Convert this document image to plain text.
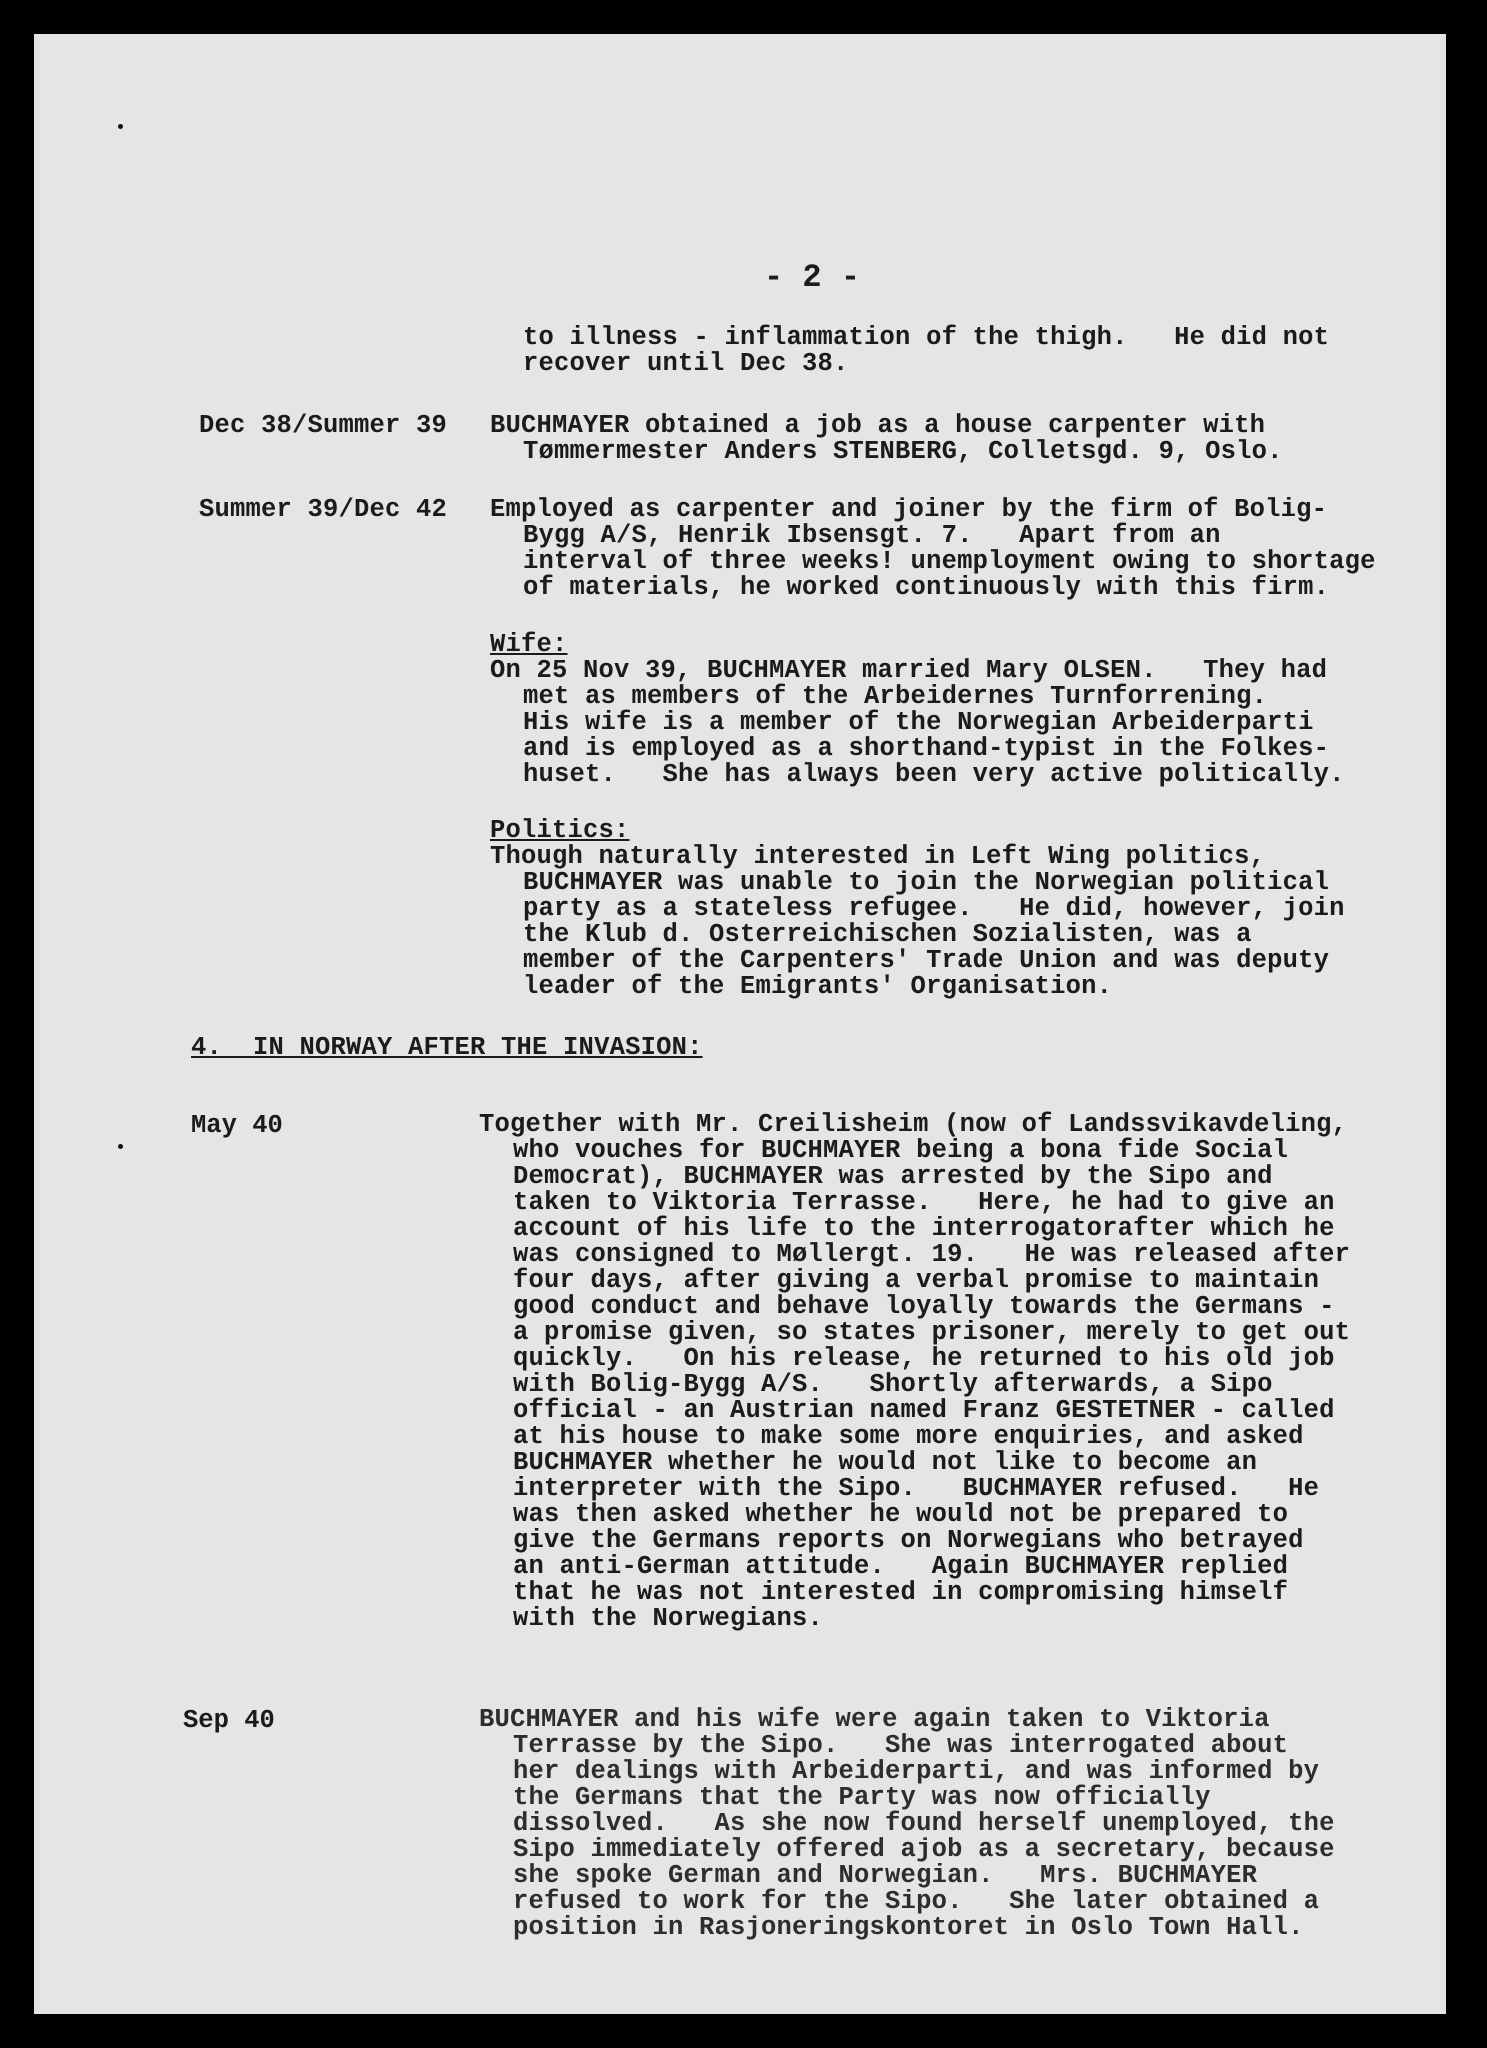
- 2 -
to illness - inflammation of the thigh.   He did not
recover until Dec 38.
Dec 38/Summer 39 BUCHMAYER obtained a job as a house carpenter with
Tømmermester Anders STENBERG, Colletsgd. 9, Oslo.
Summer 39/Dec 42 Employed as carpenter and joiner by the firm of Bolig-
Bygg A/S, Henrik Ibsensgt. 7.   Apart from an
interval of three weeks! unemployment owing to shortage
of materials, he worked continuously with this firm.
Wife:
On 25 Nov 39, BUCHMAYER married Mary OLSEN.   They had
met as members of the Arbeidernes Turnforrening.
His wife is a member of the Norwegian Arbeiderparti
and is employed as a shorthand-typist in the Folkes-
huset.   She has always been very active politically.
Politics:
Though naturally interested in Left Wing politics,
BUCHMAYER was unable to join the Norwegian political
party as a stateless refugee.   He did, however, join
the Klub d. Osterreichischen Sozialisten, was a
member of the Carpenters' Trade Union and was deputy
leader of the Emigrants' Organisation.
4.  IN NORWAY AFTER THE INVASION:
May 40	Together with Mr. Creilisheim (now of Landssvikavdeling,
who vouches for BUCHMAYER being a bona fide Social
Democrat), BUCHMAYER was arrested by the Sipo and
taken to Viktoria Terrasse.   Here, he had to give an
account of his life to the interrogatorafter which he
was consigned to Møllergt. 19.   He was released after
four days, after giving a verbal promise to maintain
good conduct and behave loyally towards the Germans -
a promise given, so states prisoner, merely to get out
quickly.   On his release, he returned to his old job
with Bolig-Bygg A/S.   Shortly afterwards, a Sipo
official - an Austrian named Franz GESTETNER - called
at his house to make some more enquiries, and asked
BUCHMAYER whether he would not like to become an
interpreter with the Sipo.   BUCHMAYER refused.   He
was then asked whether he would not be prepared to
give the Germans reports on Norwegians who betrayed
an anti-German attitude.   Again BUCHMAYER replied
that he was not interested in compromising himself
with the Norwegians.
Sep 40	BUCHMAYER and his wife were again taken to Viktoria
Terrasse by the Sipo.   She was interrogated about
her dealings with Arbeiderparti, and was informed by
the Germans that the Party was now officially
dissolved.   As she now found herself unemployed, the
Sipo immediately offered ajob as a secretary, because
she spoke German and Norwegian.   Mrs. BUCHMAYER
refused to work for the Sipo.   She later obtained a
position in Rasjoneringskontoret in Oslo Town Hall.
